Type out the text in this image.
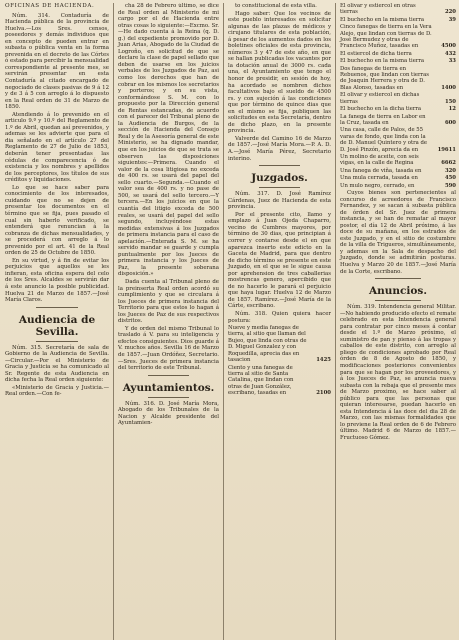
OFICINAS DE HACIENDA.

Núm. 314. Contaduría de Hacienda pública de la provincia de Huelva.—Los Sres. censos, poseedores y demás individuos que en concepto de pueden entrar en subasta o pública venta en la forma prevenida en el decreto de las Córtes ó estado para percibir la mensualidad correspondiente al presente mes, se servirán presentar en esta Contaduría al citado encargado de negociado de clases pasivas de 9 á 12 y de 3 á 5 con arreglo á lo dispuesto en la Real orden de 31 de Marzo de 1850.

Atendiendo á lo prevenido en el articulo 9.º y 10.º del Reglamento de 1.º de Abril, quedan así prevenidos, y ademas se les advierte que para el dia señalado en el artículo 27 del Reglamento de 27 de Julio de 1853, deberán tener presentadas las cédulas de comparecencia ó de existencia y los nombres y apellidos de los perceptores, los títulos de sus créditos y liquidaciones.

Lo que se hace saber para conocimiento de los interesados, cuidando que no se dejen de presentar los documentos en el término que se fija, pues pasado el cual sin haberlo verificado, se entenderá que renuncian á la cobranza de dichas mensualidades, y se procederá con arreglo á lo prevenido por el art. 41 de la Real orden de 25 de Octubre de 1850.

En su virtud, y á fin de evitar los perjuicios que aquellos se les infieran, esta oficina espera del celo de los Sres. Alcaldes se servirán dar á este anuncio la posible publicidad. Huelva 21 de Marzo de 1857.—José María Claros.

Audiencia de Sevilla.

Núm. 315. Secretaría de sala de Gobierno de la Audiencia de Sevilla.—Circular.—Por el Ministerio de Gracia y Justicia se ha comunicado al Sr. Regente de esta Audiencia en dicha fecha la Real orden siguiente:

«Ministerio de Gracia y Justicia.—Real orden.—Con fe-

cha 28 de Febrero último, se dice de Real orden al Ministerio de mi cargo por el de Hacienda entre otras cosas lo siguiente:—Excmo. Sr.—He dado cuenta á la Reina (q. D. g.) del expediente promovido por D. Juan Arias, Abogado de la Ciudad de Logroño, en solicitud de que se declare la clase de papel sellado que deben de usarse en los juicios verbales de los Juzgados de Paz, asi como los derechos que han de cobrar en los mismos los secretarios y porteros; y en su vista, conformándose S. M. con lo propuesto por la Dirección general de Rentas estancadas, de acuerdo con el parecer del Tribunal pleno de la Audiencia de Burgos, de la sección de Hacienda del Consejo Real y de la Asesoría general de este Ministerio, se ha dignado mandar, que en los juicios de que se trata se observen las disposiciones siguientes:—Primera. Cuando el valor de la cosa litigiosa no exceda de 400 rs. se usará del papel del sello cuarto.—Segunda.—Cuando el valor sea de 400 rs. y no pase de 500, se usará del sello tercero.—Y tercera.—En los juicios en que la cuantía del litigio exceda de 500 reales, se usará del papel del sello segundo, incluyéndose estas medidas extensivas á los Juzgados de primera instancia para el caso de apelación.—Enterada S. M. se ha servido mandar se guarde y cumpla puntualmente por los Jueces de primera instancia y los Jueces de Paz, la presente soberana disposición.»

Dada cuenta al Tribunal pleno de la preinserta Real orden acordó su cumplimiento y que se circulara á los Jueces de primera instancia del Territorio para que estos lo hagan á los Jueces de Paz de sus respectivos distritos.

Y de orden del mismo Tribunal lo traslado á V. para su inteligencia y efectos consiguientes. Dios guarde á V. muchos años. Sevilla 16 de Marzo de 1857.—Juan Ordóñez, Secretario.—Sres. Jueces de primera instancia del territorio de este Tribunal.

Ayuntamientos.

Núm. 316. D. José María Mora, Abogado de los Tribunales de la Nacion y Alcalde presidente del Ayuntamien-

to constitucional de esta villa.

Hago saber: Que los vecinos de este pueblo interesados en solicitar algunas de las plazas de médicos y cirujano titulares de esta población, á pesar de los aumentos dados en los boletines oficiales de esta provincia, números 3 y 47 de este año, en que se hallan publicadas los vacantes por la dotación anual de 3000 rs. cada una, el Ayuntamiento que tengo el honor de presidir, en sesión de hoy, ha acordado se nombren dichos facultativos bajo el sueldo de 4500 rs. y con sujeción á las condiciones que por término de quince dias que en el mismo se fija, publiquen las solicitudes en esta Secretaría, dentro de dicho plazo, en la presente provincia.

Valverde del Camino 16 de Marzo de 1857.—José María Mora.—P. A. D. A.—José María Pérez, Secretario interino.

Juzgados.

Núm. 317. D. José Ramírez Cárdenas, Juez de Hacienda de esta provincia.

Por el presente cito, llamo y emplazo á Juan Ojeda Chaparro, vecino de Cumbres mayores, por término de 30 dias, que principian á correr y contarse desde el en que aparezca inserto este edicto en la Gaceta de Madrid, para que dentro de dicho término se presente en este Juzgado, en el que se le sigue causa por aprehension de tres caballerias mostrencas genero, apercibido que de no hacerlo le parará el perjuicio que haya lugar. Huelva 12 de Marzo de 1857. Ramírez.—José María de la Cárte, escribano.

Núm. 318. Quien quiera hacer postura:

Nueve y media fanegas de tierra, al sitio que llaman del Bujeo, que linda con otras de D. Miguel Gonzalez y con Roquedilla, aprecia das en tasacion	1425
Ciento y una fanegas de tierra al sitio de Santa Catalina, que lindan con otras de Juan González, escribano, tasadas en	2100
El olivar y estiercol en otras tierras	220
El buchecho en la misma tierra	39
Cinco fanegas de tierra en la Vera Alejo, que lindan con tierras de D. José Bermudez y otras de Francisco Muñoz, tasadas en	4500
El estiercol de dicha tierra	432
El buchecho en la misma tierra	33
Dos fanegas de tierra en Rebuenos, que lindan con tierras de Joaquin Herrera y otra de D. Blas Alonso, tasadas en	1400
El olivar y estiercol en dichas tierras	150
El buchecho en la dicha tierra	12
La fanega de tierra en Labor en la Cruz, tasada en	600
Una casa, calle de Palos, de 55 varas de fondo, que linda con la de D. Manuel Quintero y otra de D. José Pinzón, aprecia da en	19611
Un molino de aceite, con seis vigas, en la calle de Regina	6662
Una fanega de viña, tasada en	320
Una mula cerrada, tasada en	450
Un mulo negro, cerrado, en	590

Cuyos bienes son pertenecientes al concurso de acreedores de Francisco Fernandez, y se sacan á subasta pública de órden del Sr. Juez de primera instancia, y se han de rematar al mayor postor, el día 12 de Abril próximo, á las doce de su mañana, en los estrados de este Juzgado, y en el sitio de costumbre de la villa de Trigueros, simultáneamente, y ademas en la Sala de despacho del Juzgado, donde se admitirán posturas. Huelva y Marzo 20 de 1857.—José María de la Corte, escribano.

Anuncios.

Núm. 319. Intendencia general Militar.—No habiendo producido efecto el remate celebrado en esta Intendencia general para contratar por cinco meses á contar desde el 1.º de Marzo próximo, el suministro de pan y pienso á las tropas y caballos de este distrito, con arreglo al pliego de condiciones aprobado por Real órden de 8 de Agosto de 1850, y modificaciones posteriores convenientes para que se hagan por los proveedores, y á los Jueces de Paz, se anuncia nueva subasta con la rebaja que el presente mes de Marzo proximo, se hace saber al público para que las personas que quieran interesarse, puedan hacerlo en esta Intendencia á las doce del dia 28 de Marzo, con las mismas formalidades que lo previene la Real orden de 6 de Febrero último. Madrid 6 de Marzo de 1857.—Fructuoso Gómez.
